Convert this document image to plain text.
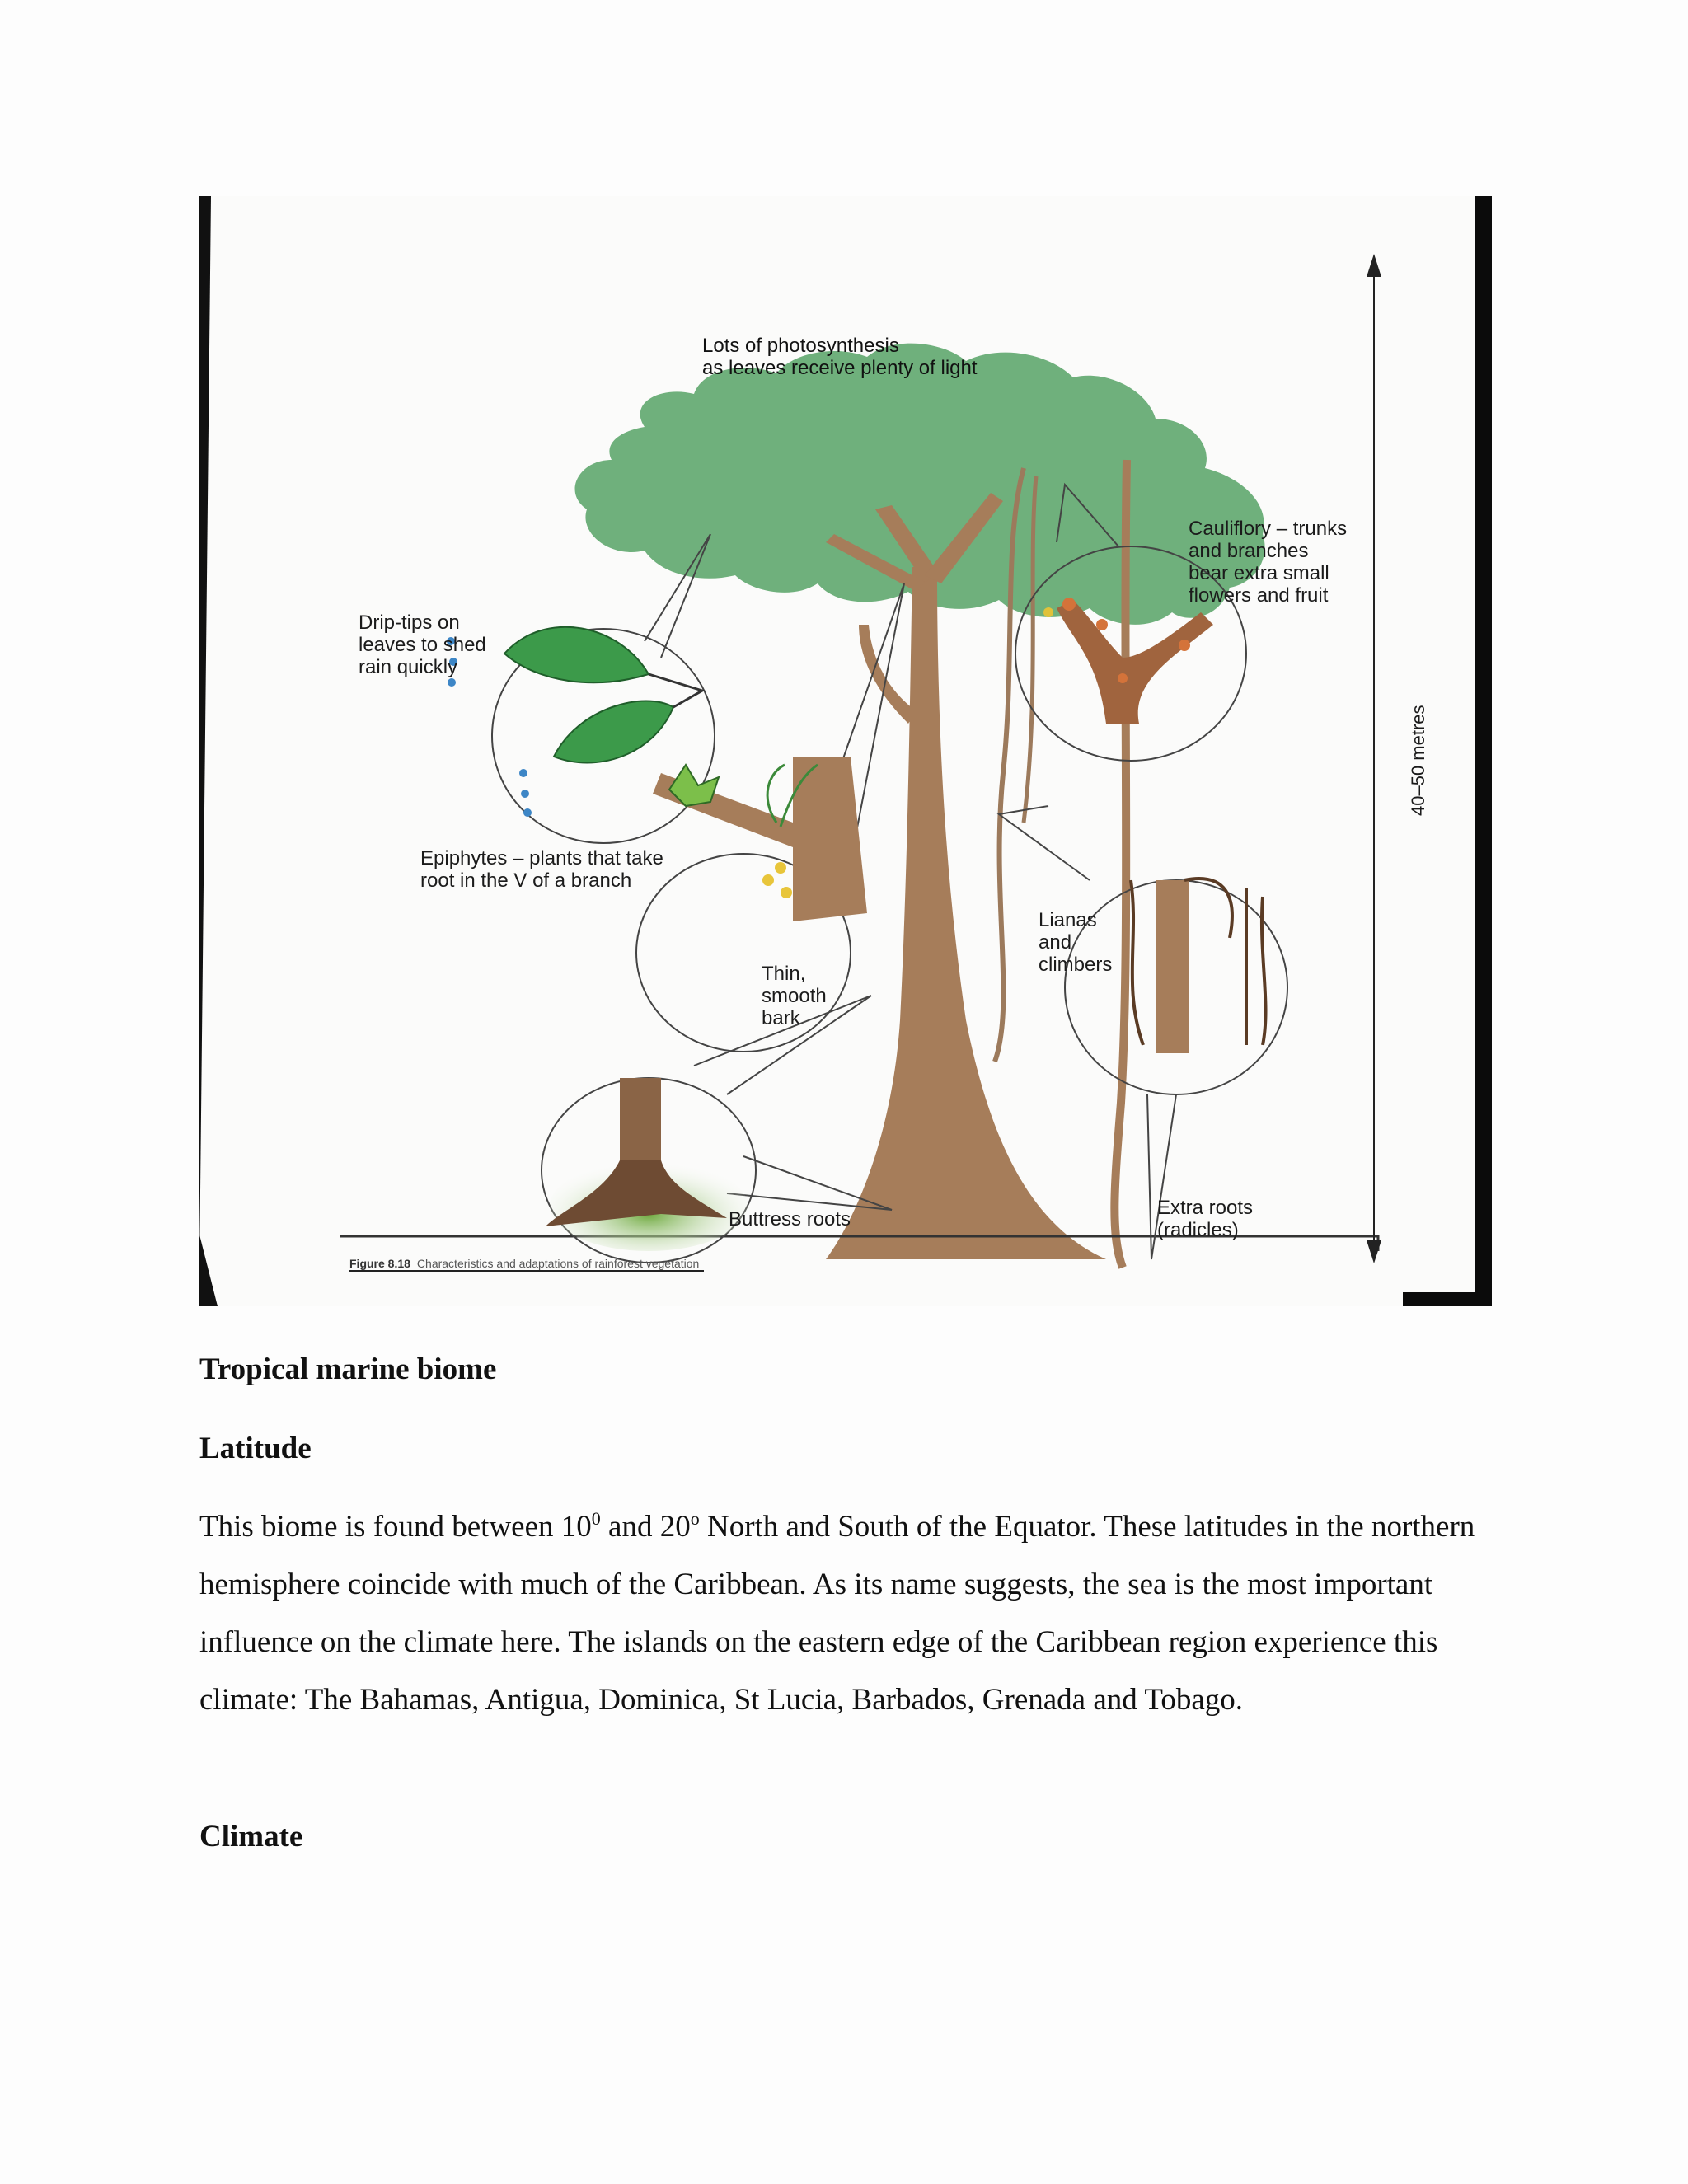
Lots of photosynthesis
as leaves receive plenty of light
Cauliflory – trunks
and branches
bear extra small
flowers and fruit
Drip-tips on
leaves to shed
rain quickly
Epiphytes – plants that take
root in the V of a branch
Lianas
and
climbers
Thin,
smooth
bark
Buttress roots
Extra roots
(radicles)
40–50 metres
Figure 8.18 Characteristics and adaptations of rainforest vegetation
Tropical marine biome
Latitude

This biome is found between $10^0$ and 20$^o$ North and South of the Equator. These latitudes in the northern hemisphere coincide with much of the Caribbean. As its name suggests, the sea is the most important influence on the climate here. The islands on the eastern edge of the Caribbean region experience this climate: The Bahamas, Antigua, Dominica, St Lucia, Barbados, Grenada and Tobago.

Climate
